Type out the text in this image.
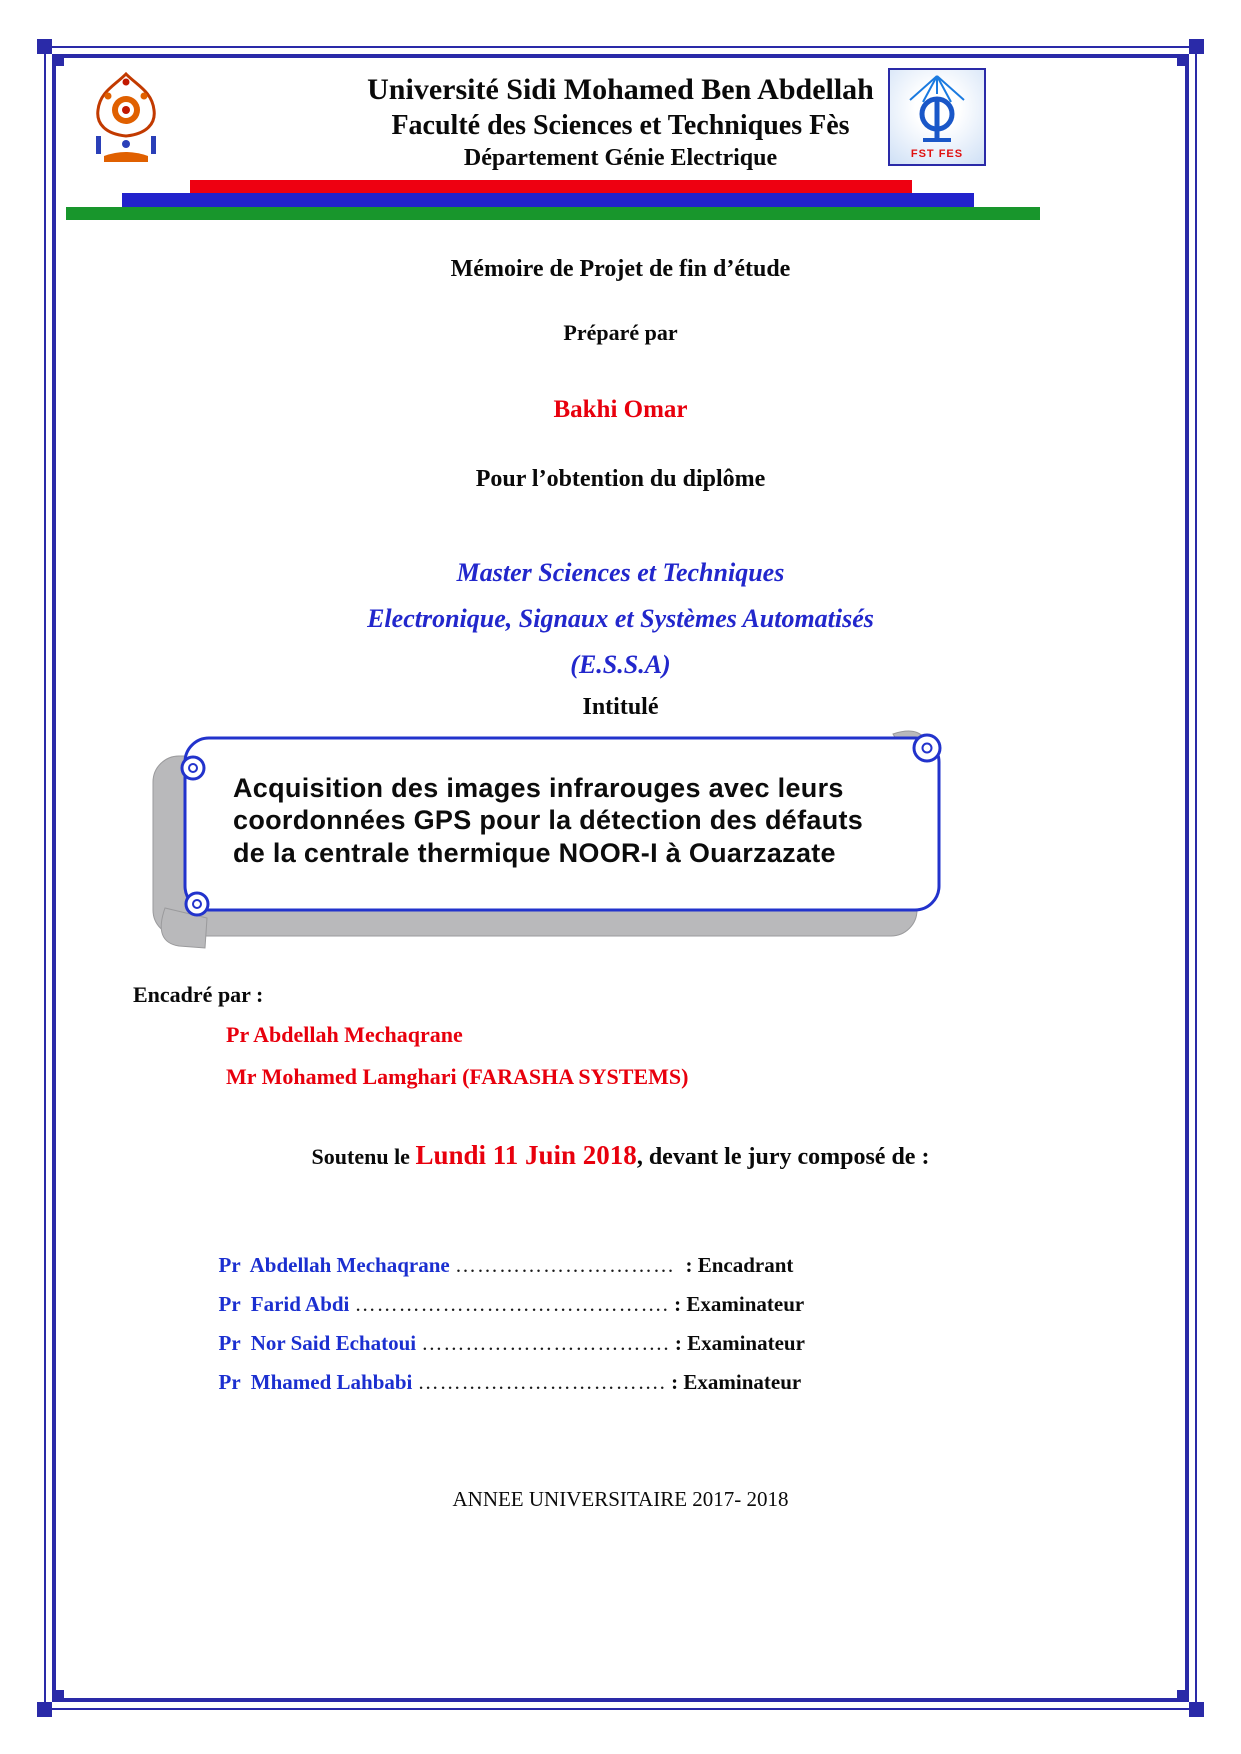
Université Sidi Mohamed Ben Abdellah
Faculté des Sciences et Techniques Fès
Département Génie Electrique	FST FES
Mémoire de Projet de fin d’étude
Préparé par
Bakhi Omar
Pour l’obtention du diplôme
Master Sciences et Techniques
Electronique, Signaux et Systèmes Automatisés
(E.S.S.A)
Intitulé
Acquisition des images infrarouges avec leurs coordonnées GPS pour la détection des défauts de la centrale thermique NOOR-I à Ouarzazate
Encadré par :
Pr Abdellah Mechaqrane
Mr Mohamed Lamghari (FARASHA SYSTEMS)
Soutenu le Lundi 11 Juin 2018, devant le jury composé de :

Pr  Abdellah Mechaqrane …………………………  : Encadrant

Pr  Farid Abdi ……………………………………. : Examinateur

Pr  Nor Said Echatoui ……………………………. : Examinateur

Pr  Mhamed Lahbabi ……………………………. : Examinateur

ANNEE UNIVERSITAIRE 2017- 2018
